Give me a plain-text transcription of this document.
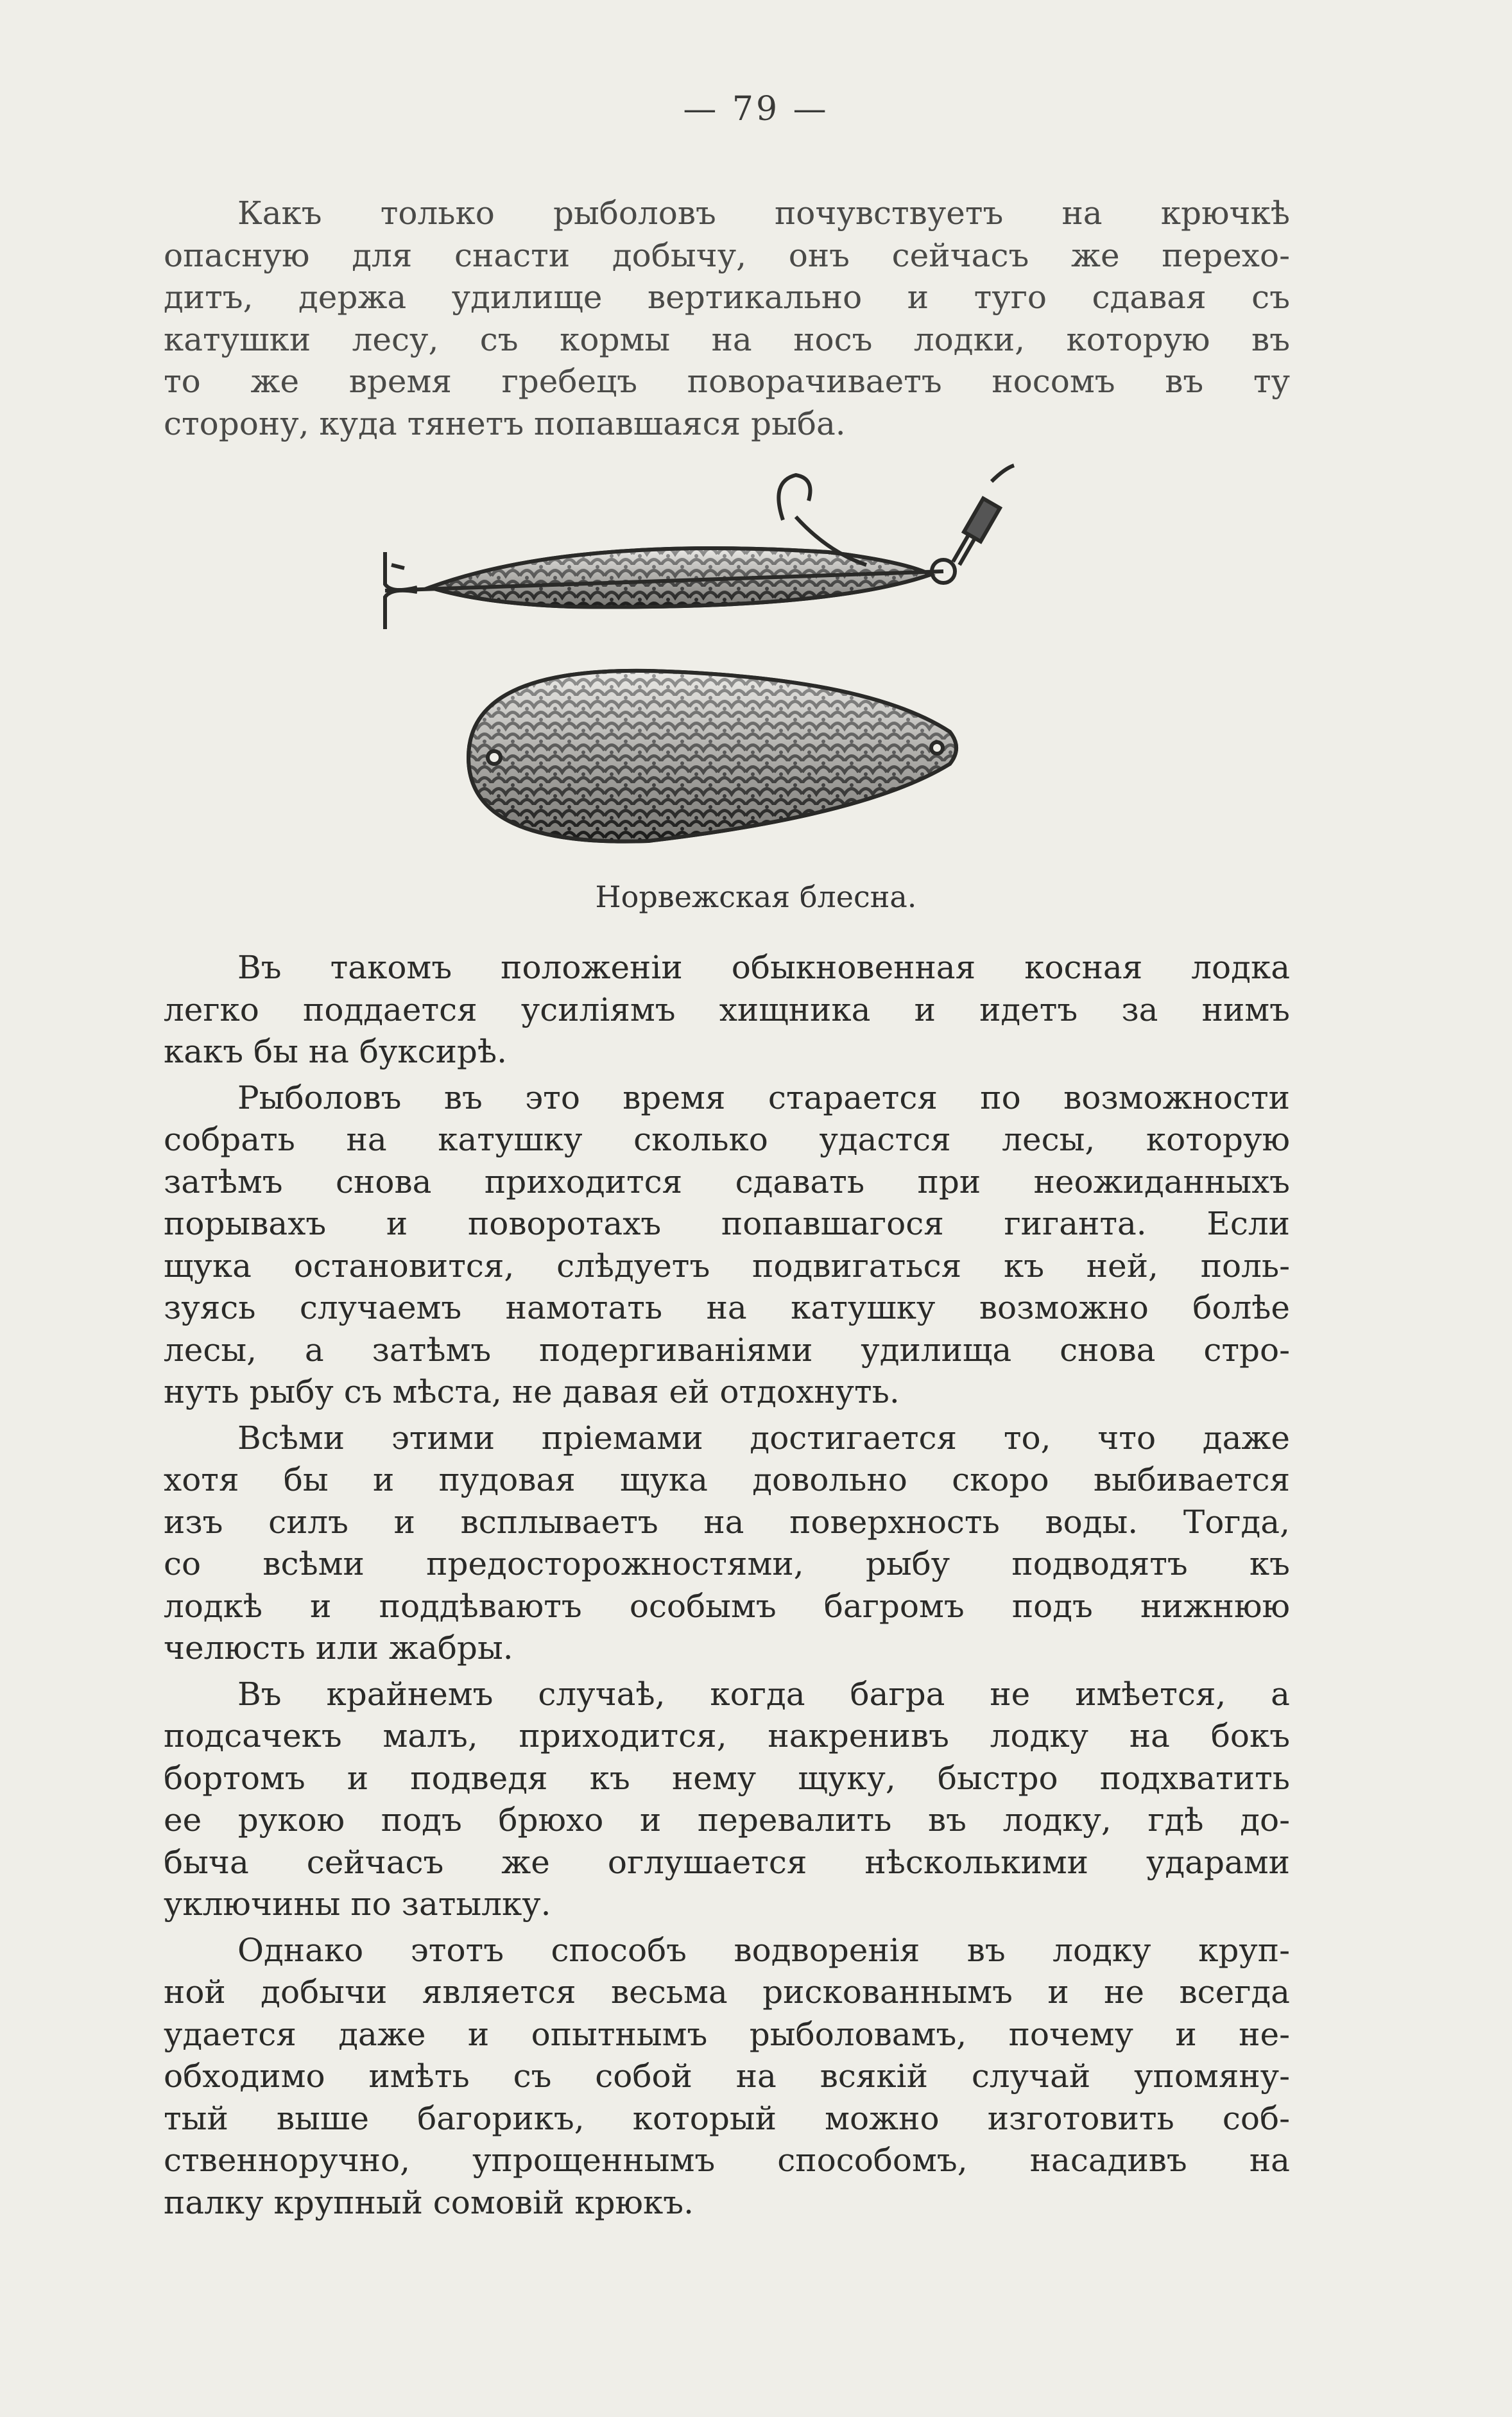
— 79 —
Какъ только рыболовъ почувствуетъ на крючкѣ
опасную для снасти добычу, онъ сейчасъ же перехо-
дитъ, держа удилище вертикально и туго сдавая съ
катушки лесу, съ кормы на носъ лодки, которую въ
то же время гребецъ поворачиваетъ носомъ въ ту
сторону, куда тянетъ попавшаяся рыба.
Норвежская блесна.
Въ такомъ положенiи обыкновенная косная лодка
легко поддается усилiямъ хищника и идетъ за нимъ
какъ бы на буксирѣ.
Рыболовъ въ это время старается по возможности
собрать на катушку сколько удастся лесы, которую
затѣмъ снова приходится сдавать при неожиданныхъ
порывахъ и поворотахъ попавшагося гиганта. Если
щука остановится, слѣдуетъ подвигаться къ ней, поль-
зуясь случаемъ намотать на катушку возможно болѣе
лесы, а затѣмъ подергиванiями удилища снова стро-
нуть рыбу съ мѣста, не давая ей отдохнуть.
Всѣми этими прiемами достигается то, что даже
хотя бы и пудовая щука довольно скоро выбивается
изъ силъ и всплываетъ на поверхность воды. Тогда,
со всѣми предосторожностями, рыбу подводятъ къ
лодкѣ и поддѣваютъ особымъ багромъ подъ нижнюю
челюсть или жабры.
Въ крайнемъ случаѣ, когда багра не имѣется, а
подсачекъ малъ, приходится, накренивъ лодку на бокъ
бортомъ и подведя къ нему щуку, быстро подхватить
ее рукою подъ брюхо и перевалить въ лодку, гдѣ до-
быча сейчасъ же оглушается нѣсколькими ударами
уключины по затылку.
Однако этотъ способъ водворенiя въ лодку круп-
ной добычи является весьма рискованнымъ и не всегда
удается даже и опытнымъ рыболовамъ, почему и не-
обходимо имѣть съ собой на всякiй случай упомяну-
тый выше багорикъ, который можно изготовить соб-
ственноручно, упрощеннымъ способомъ, насадивъ на
палку крупный сомовiй крюкъ.
